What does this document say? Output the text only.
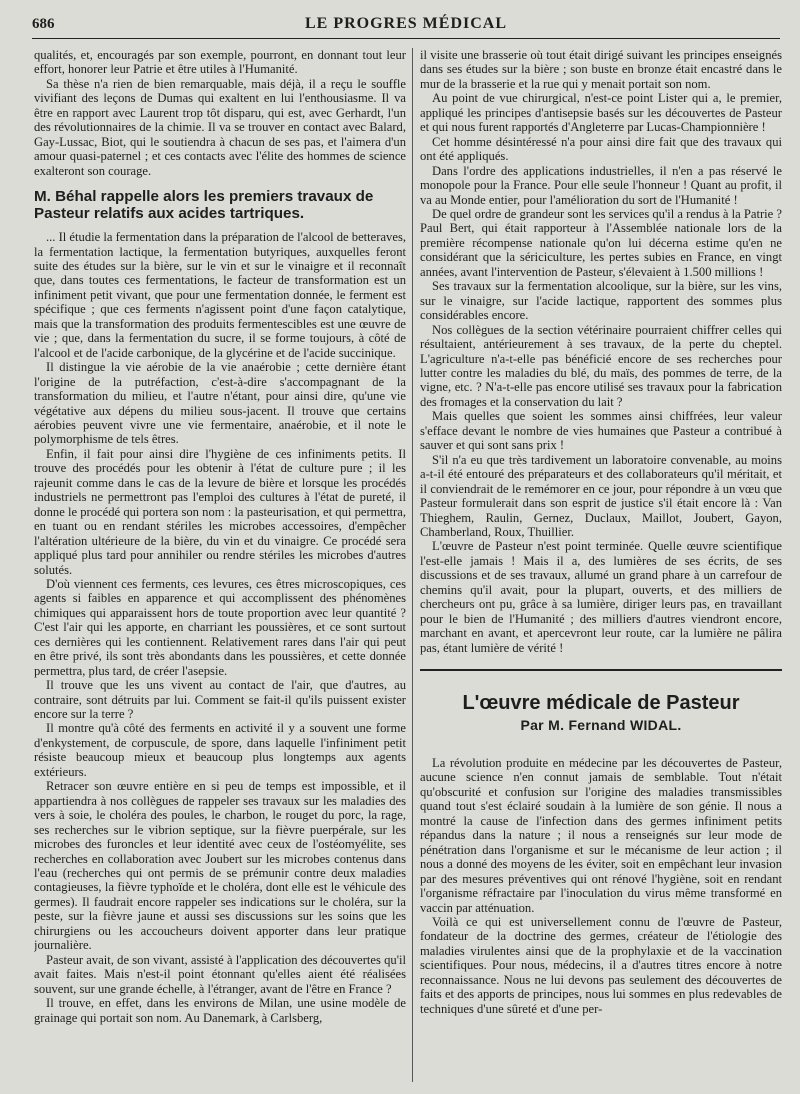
686	LE PROGRES MÉDICAL

qualités, et, encouragés par son exemple, pourront, en donnant tout leur effort, honorer leur Patrie et être utiles à l'Humanité.

Sa thèse n'a rien de bien remarquable, mais déjà, il a reçu le souffle vivifiant des leçons de Dumas qui exaltent en lui l'enthousiasme. Il va être en rapport avec Laurent trop tôt disparu, qui est, avec Gerhardt, l'un des révolutionnaires de la chimie. Il va se trouver en contact avec Balard, Gay-Lussac, Biot, qui le soutiendra à chacun de ses pas, et l'aimera d'un amour quasi-paternel ; et ces contacts avec l'élite des hommes de science exalteront son courage.

M. Béhal rappelle alors les premiers travaux de Pasteur relatifs aux acides tartriques.

... Il étudie la fermentation dans la préparation de l'alcool de betteraves, la fermentation lactique, la fermentation butyriques, auxquelles feront suite des études sur la bière, sur le vin et sur le vinaigre et il reconnaît que, dans toutes ces fermentations, le facteur de transformation est un infiniment petit vivant, que pour une fermentation donnée, le ferment est spécifique ; que ces ferments n'agissent point d'une façon catalytique, mais que la transformation des produits fermentescibles est une œuvre de vie ; que, dans la fermentation du sucre, il se forme toujours, à côté de l'alcool et de l'acide carbonique, de la glycérine et de l'acide succinique.

Il distingue la vie aérobie de la vie anaérobie ; cette dernière étant l'origine de la putréfaction, c'est-à-dire s'accompagnant de la transformation du milieu, et l'autre n'étant, pour ainsi dire, qu'une vie végétative aux dépens du milieu sous-jacent. Il trouve que certains aérobies peuvent vivre une vie fermentaire, anaérobie, et il note le polymorphisme de tels êtres.

Enfin, il fait pour ainsi dire l'hygiène de ces infiniments petits. Il trouve des procédés pour les obtenir à l'état de culture pure ; il les rajeunit comme dans le cas de la levure de bière et lorsque les procédés industriels ne permettront pas l'emploi des cultures à l'état de pureté, il donne le procédé qui portera son nom : la pasteurisation, et qui permettra, en tuant ou en rendant stériles les microbes accessoires, d'empêcher l'altération ultérieure de la bière, du vin et du vinaigre. Ce procédé sera appliqué plus tard pour annihiler ou rendre stériles les microbes d'autres solutés.

D'où viennent ces ferments, ces levures, ces êtres microscopiques, ces agents si faibles en apparence et qui accomplissent des phénomènes chimiques qui apparaissent hors de toute proportion avec leur quantité ? C'est l'air qui les apporte, en charriant les poussières, et ce sont surtout ces dernières qui les contiennent. Relativement rares dans l'air qui peut en être privé, ils sont très abondants dans les poussières, et cette donnée permettra, plus tard, de créer l'asepsie.

Il trouve que les uns vivent au contact de l'air, que d'autres, au contraire, sont détruits par lui. Comment se fait-il qu'ils puissent exister encore sur la terre ?

Il montre qu'à côté des ferments en activité il y a souvent une forme d'enkystement, de corpuscule, de spore, dans laquelle l'infiniment petit résiste beaucoup mieux et beaucoup plus longtemps aux agents extérieurs.

Retracer son œuvre entière en si peu de temps est impossible, et il appartiendra à nos collègues de rappeler ses travaux sur les maladies des vers à soie, le choléra des poules, le charbon, le rouget du porc, la rage, ses recherches sur le vibrion septique, sur la fièvre puerpérale, sur les microbes des furoncles et leur identité avec ceux de l'ostéomyélite, ses recherches en collaboration avec Joubert sur les microbes contenus dans l'eau (recherches qui ont permis de se prémunir contre deux maladies contagieuses, la fièvre typhoïde et le choléra, dont elle est le véhicule des germes). Il faudrait encore rappeler ses indications sur le choléra, sur la peste, sur la fièvre jaune et aussi ses discussions sur les soins que les chirurgiens ou les accoucheurs doivent apporter dans leur pratique journalière.

Pasteur avait, de son vivant, assisté à l'application des découvertes qu'il avait faites. Mais n'est-il point étonnant qu'elles aient été réalisées souvent, sur une grande échelle, à l'étranger, avant de l'être en France ?

Il trouve, en effet, dans les environs de Milan, une usine modèle de grainage qui portait son nom. Au Danemark, à Carlsberg,

il visite une brasserie où tout était dirigé suivant les principes enseignés dans ses études sur la bière ; son buste en bronze était encastré dans le mur de la brasserie et la rue qui y menait portait son nom.

Au point de vue chirurgical, n'est-ce point Lister qui a, le premier, appliqué les principes d'antisepsie basés sur les découvertes de Pasteur et qui nous furent rapportés d'Angleterre par Lucas-Championnière !

Cet homme désintéressé n'a pour ainsi dire fait que des travaux qui ont été appliqués.

Dans l'ordre des applications industrielles, il n'en a pas réservé le monopole pour la France. Pour elle seule l'honneur ! Quant au profit, il va au Monde entier, pour l'amélioration du sort de l'Humanité !

De quel ordre de grandeur sont les services qu'il a rendus à la Patrie ? Paul Bert, qui était rapporteur à l'Assemblée nationale lors de la première récompense nationale qu'on lui décerna estime qu'en ne considérant que la sériciculture, les pertes subies en France, en vingt années, avant l'intervention de Pasteur, s'élevaient à 1.500 millions !

Ses travaux sur la fermentation alcoolique, sur la bière, sur les vins, sur le vinaigre, sur l'acide lactique, rapportent des sommes plus considérables encore.

Nos collègues de la section vétérinaire pourraient chiffrer celles qui résultaient, antérieurement à ses travaux, de la perte du cheptel. L'agriculture n'a-t-elle pas bénéficié encore de ses recherches pour lutter contre les maladies du blé, du maïs, des pommes de terre, de la vigne, etc. ? N'a-t-elle pas encore utilisé ses travaux pour la fabrication des fromages et la conservation du lait ?

Mais quelles que soient les sommes ainsi chiffrées, leur valeur s'efface devant le nombre de vies humaines que Pasteur a contribué à sauver et qui sont sans prix !

S'il n'a eu que très tardivement un laboratoire convenable, au moins a-t-il été entouré des préparateurs et des collaborateurs qu'il méritait, et il conviendrait de le remémorer en ce jour, pour répondre à un vœu que Pasteur formulerait dans son esprit de justice s'il était encore là : Van Thieghem, Raulin, Gernez, Duclaux, Maillot, Joubert, Gayon, Chamberland, Roux, Thuillier.

L'œuvre de Pasteur n'est point terminée. Quelle œuvre scientifique l'est-elle jamais ! Mais il a, des lumières de ses écrits, de ses discussions et de ses travaux, allumé un grand phare à un carrefour de chemins qu'il avait, pour la plupart, ouverts, et des milliers de chercheurs ont pu, grâce à sa lumière, diriger leurs pas, en travaillant pour le bien de l'Humanité ; des milliers d'autres viendront encore, marchant en avant, et apercevront leur route, car la lumière ne pâlira pas, étant lumière de vérité !

L'œuvre médicale de Pasteur
Par M. Fernand WIDAL.

La révolution produite en médecine par les découvertes de Pasteur, aucune science n'en connut jamais de semblable. Tout n'était qu'obscurité et confusion sur l'origine des maladies transmissibles quand tout s'est éclairé soudain à la lumière de son génie. Il nous a montré la cause de l'infection dans des germes infiniment petits répandus dans la nature ; il nous a renseignés sur leur mode de pénétration dans l'organisme et sur le mécanisme de leur action ; il nous a donné des moyens de les éviter, soit en empêchant leur invasion par des mesures préventives qui ont rénové l'hygiène, soit en rendant l'organisme réfractaire par l'inoculation du virus même transformé en vaccin par atténuation.

Voilà ce qui est universellement connu de l'œuvre de Pasteur, fondateur de la doctrine des germes, créateur de l'étiologie des maladies virulentes ainsi que de la prophylaxie et de la vaccination scientifiques. Pour nous, médecins, il a d'autres titres encore à notre reconnaissance. Nous ne lui devons pas seulement des découvertes de faits et des apports de principes, nous lui sommes en plus redevables de techniques d'une sûreté et d'une per-
